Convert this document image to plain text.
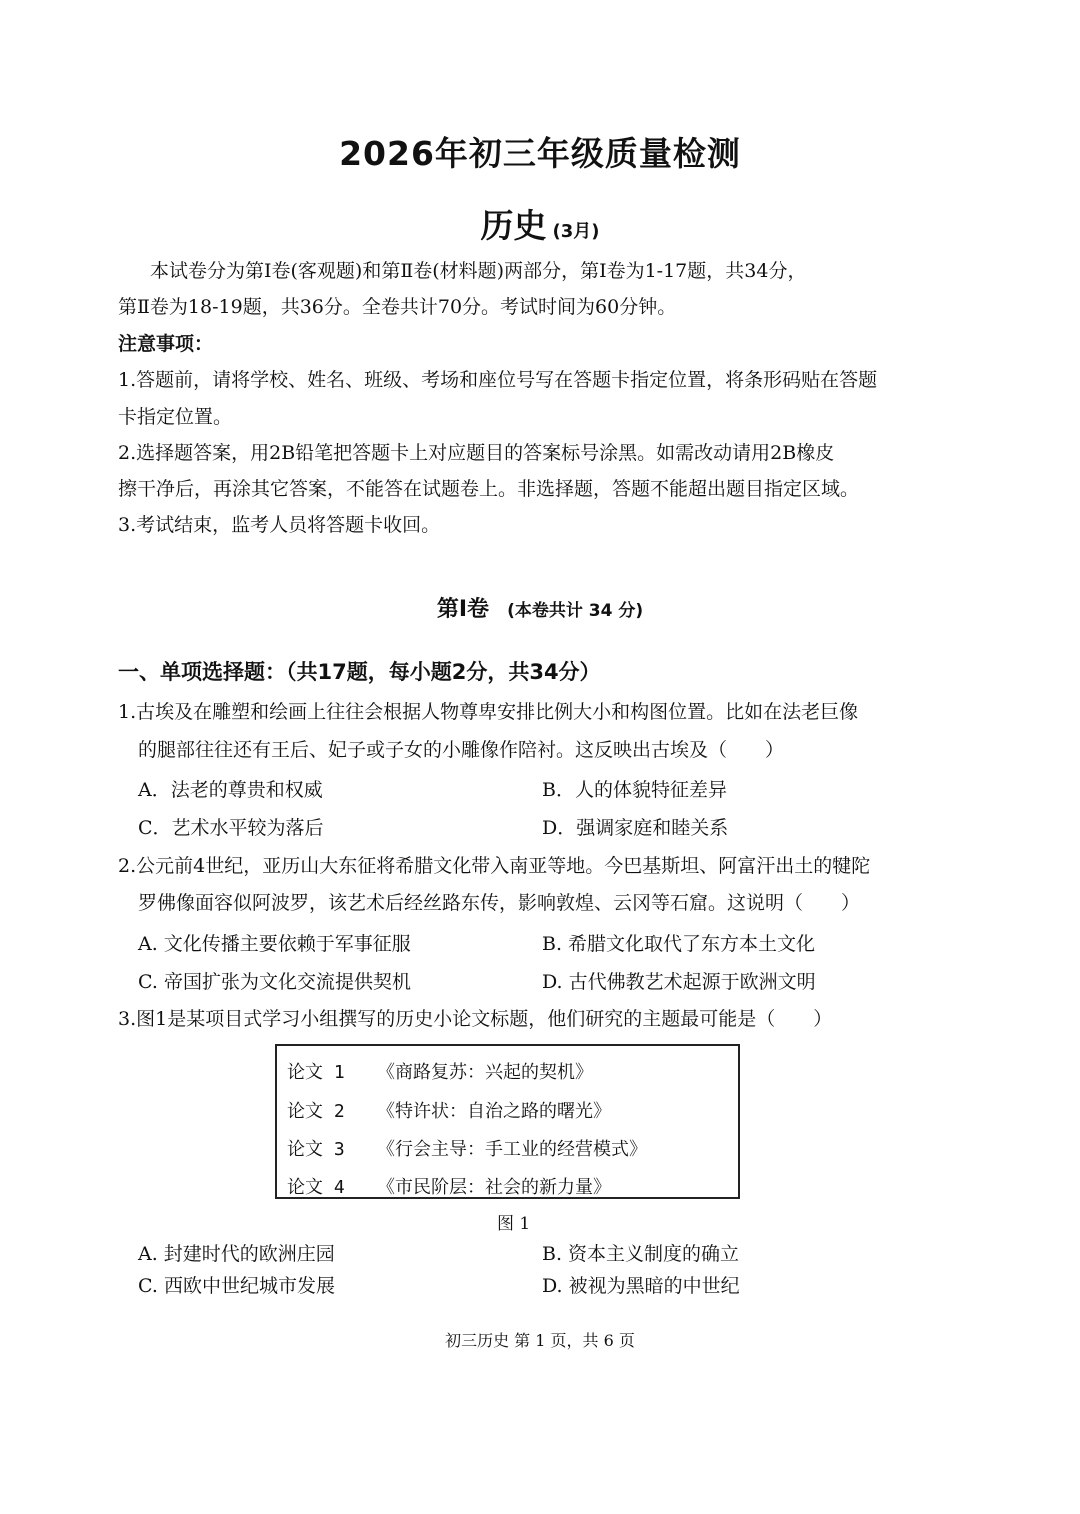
2026年初三年级质量检测
历史 (3月)
本试卷分为第Ⅰ卷(客观题)和第Ⅱ卷(材料题)两部分，第Ⅰ卷为1-17题，共34分，
第Ⅱ卷为18-19题，共36分。全卷共计70分。考试时间为60分钟。
注意事项：
1.答题前，请将学校、姓名、班级、考场和座位号写在答题卡指定位置，将条形码贴在答题
卡指定位置。
2.选择题答案，用2B铅笔把答题卡上对应题目的答案标号涂黑。如需改动请用2B橡皮
擦干净后，再涂其它答案，不能答在试题卷上。非选择题，答题不能超出题目指定区域。
3.考试结束，监考人员将答题卡收回。
第Ⅰ卷 (本卷共计 34 分)
一、单项选择题：（共17题，每小题2分，共34分）
1.古埃及在雕塑和绘画上往往会根据人物尊卑安排比例大小和构图位置。比如在法老巨像
的腿部往往还有王后、妃子或子女的小雕像作陪衬。这反映出古埃及（　　）
A．法老的尊贵和权威	B．人的体貌特征差异
C．艺术水平较为落后	D．强调家庭和睦关系
2.公元前4世纪，亚历山大东征将希腊文化带入南亚等地。今巴基斯坦、阿富汗出土的犍陀
罗佛像面容似阿波罗，该艺术后经丝路东传，影响敦煌、云冈等石窟。这说明（　　）
A. 文化传播主要依赖于军事征服	B. 希腊文化取代了东方本土文化
C. 帝国扩张为文化交流提供契机	D. 古代佛教艺术起源于欧洲文明
3.图1是某项目式学习小组撰写的历史小论文标题，他们研究的主题最可能是（　　）
论文 1 《商路复苏：兴起的契机》
论文 2 《特许状：自治之路的曙光》
论文 3 《行会主导：手工业的经营模式》
论文 4 《市民阶层：社会的新力量》
图 1
A. 封建时代的欧洲庄园	B. 资本主义制度的确立
C. 西欧中世纪城市发展	D. 被视为黑暗的中世纪
初三历史 第 1 页，共 6 页
